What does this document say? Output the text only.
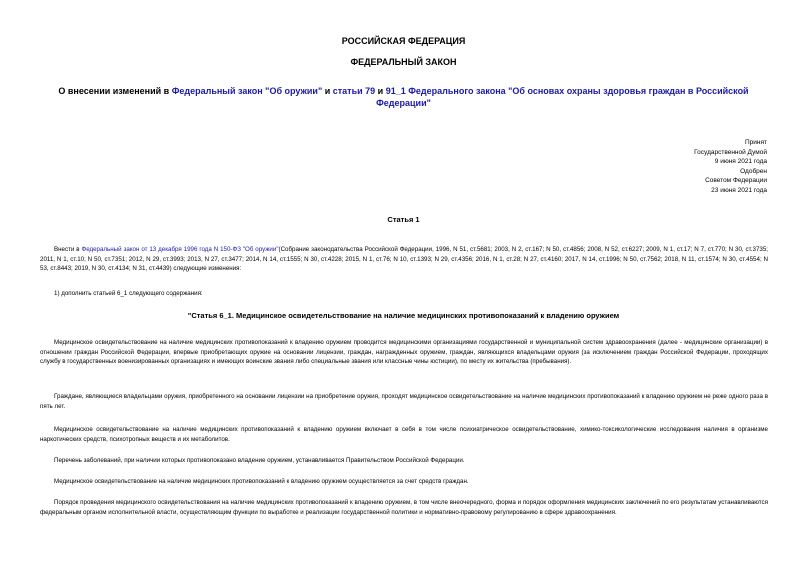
РОССИЙСКАЯ ФЕДЕРАЦИЯ
ФЕДЕРАЛЬНЫЙ ЗАКОН
О внесении изменений в Федеральный закон "Об оружии" и статьи 79 и 91_1 Федерального закона "Об основах охраны здоровья граждан в Российской Федерации"
Принят
Государственной Думой
9 июня 2021 года
Одобрен
Советом Федерации
23 июня 2021 года
Статья 1
Внести в Федеральный закон от 13 декабря 1996 года N 150-ФЗ "Об оружии"(Собрание законодательства Российской Федерации, 1996, N 51, ст.5681; 2003, N 2, ст.167; N 50, ст.4856; 2008, N 52, ст.6227; 2009, N 1, ст.17; N 7, ст.770; N 30, ст.3735; 2011, N 1, ст.10; N 50, ст.7351; 2012, N 29, ст.3993; 2013, N 27, ст.3477; 2014, N 14, ст.1555; N 30, ст.4228; 2015, N 1, ст.76; N 10, ст.1393; N 29, ст.4356; 2016, N 1, ст.28; N 27, ст.4160; 2017, N 14, ст.1996; N 50, ст.7562; 2018, N 11, ст.1574; N 30, ст.4554; N 53, ст.8443; 2019, N 30, ст.4134; N 31, ст.4439) следующие изменения:
1) дополнить статьей 6_1 следующего содержания:
"Статья 6_1. Медицинское освидетельствование на наличие медицинских противопоказаний к владению оружием
Медицинское освидетельствование на наличие медицинских противопоказаний к владению оружием проводится медицинскими организациями государственной и муниципальной систем здравоохранения (далее - медицинские организации) в отношении граждан Российской Федерации, впервые приобретающих оружие на основании лицензии, граждан, награжденных оружием, граждан, являющихся владельцами оружия (за исключением граждан Российской Федерации, проходящих службу в государственных военизированных организациях и имеющих воинские звания либо специальные звания или классные чины юстиции), по месту их жительства (пребывания).
Граждане, являющиеся владельцами оружия, приобретенного на основании лицензии на приобретение оружия, проходят медицинское освидетельствование на наличие медицинских противопоказаний к владению оружием не реже одного раза в пять лет.
Медицинское освидетельствование на наличие медицинских противопоказаний к владению оружием включает в себя в том числе психиатрическое освидетельствование, химико-токсикологические исследования наличия в организме наркотических средств, психотропных веществ и их метаболитов.
Перечень заболеваний, при наличии которых противопоказано владение оружием, устанавливается Правительством Российской Федерации.
Медицинское освидетельствование на наличие медицинских противопоказаний к владению оружием осуществляется за счет средств граждан.
Порядок проведения медицинского освидетельствования на наличие медицинских противопоказаний к владению оружием, в том числе внеочередного, форма и порядок оформления медицинских заключений по его результатам устанавливаются федеральным органом исполнительной власти, осуществляющим функции по выработке и реализации государственной политики и нормативно-правовому регулированию в сфере здравоохранения.
